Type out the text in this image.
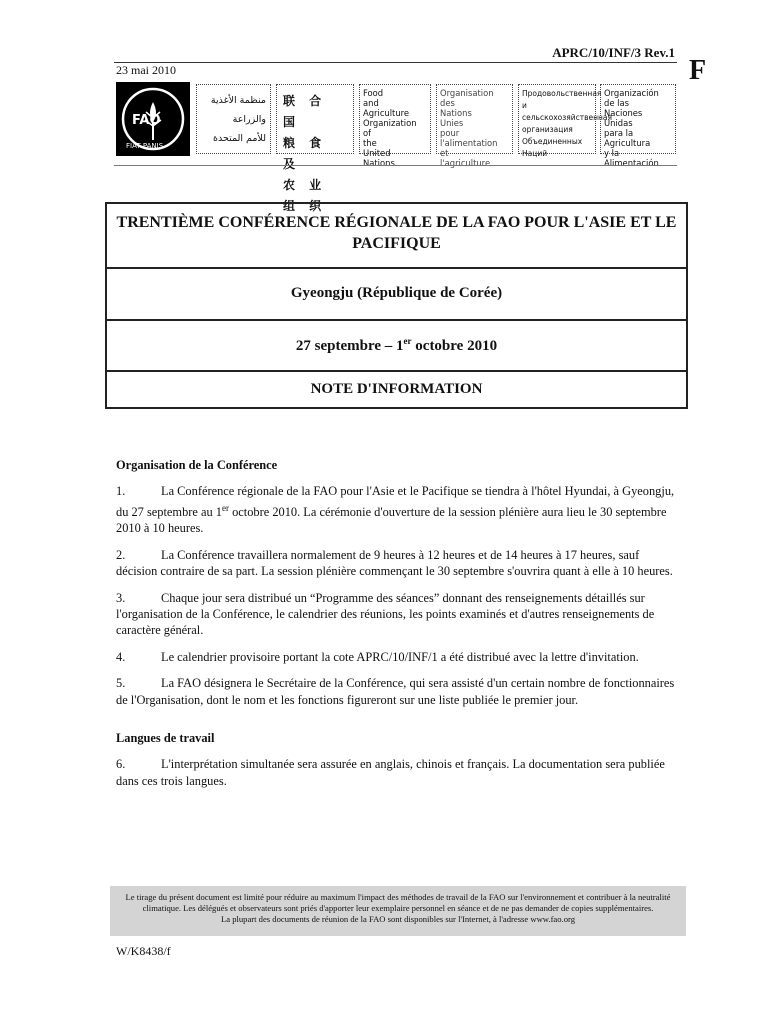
APRC/10/INF/3 Rev.1
F
23 mai 2010
FAO
FIAT PANIS
منظمة الأغذية
والزراعة
للأمم المتحدة
联 合 国
粮 食 及
农 业 组 织
Food
and
Agriculture
Organization
of
the
United
Nations
Organisation
des
Nations
Unies
pour
l'alimentation
et
l'agriculture
Продовольственная и
сельскохозяйственная
организация
Объединенных
Наций
Organización
de las
Naciones
Unidas
para la
Agricultura
y la
Alimentación
TRENTIÈME CONFÉRENCE RÉGIONALE DE LA FAO POUR L'ASIE ET LE PACIFIQUE
Gyeongju (République de Corée)
27 septembre – 1er octobre 2010
NOTE D'INFORMATION
Organisation de la Conférence

1.	La Conférence régionale de la FAO pour l'Asie et le Pacifique se tiendra à l'hôtel Hyundai, à Gyeongju, du 27 septembre au 1er octobre 2010. La cérémonie d'ouverture de la session plénière aura lieu le 30 septembre 2010 à 10 heures.

2.	La Conférence travaillera normalement de 9 heures à 12 heures et de 14 heures à 17 heures, sauf décision contraire de sa part. La session plénière commençant le 30 septembre s'ouvrira quant à elle à 10 heures.

3.	Chaque jour sera distribué un “Programme des séances” donnant des renseignements détaillés sur l'organisation de la Conférence, le calendrier des réunions, les points examinés et d'autres renseignements de caractère général.

4.	Le calendrier provisoire portant la cote APRC/10/INF/1 a été distribué avec la lettre d'invitation.

5.	La FAO désignera le Secrétaire de la Conférence, qui sera assisté d'un certain nombre de fonctionnaires de l'Organisation, dont le nom et les fonctions figureront sur une liste publiée le premier jour.

Langues de travail

6.	L'interprétation simultanée sera assurée en anglais, chinois et français. La documentation sera publiée dans ces trois langues.

Le tirage du présent document est limité pour réduire au maximum l'impact des méthodes de travail de la FAO sur l'environnement et contribuer à la neutralité climatique. Les délégués et observateurs sont priés d'apporter leur exemplaire personnel en séance et de ne pas demander de copies supplémentaires.
La plupart des documents de réunion de la FAO sont disponibles sur l'Internet, à l'adresse www.fao.org
W/K8438/f
